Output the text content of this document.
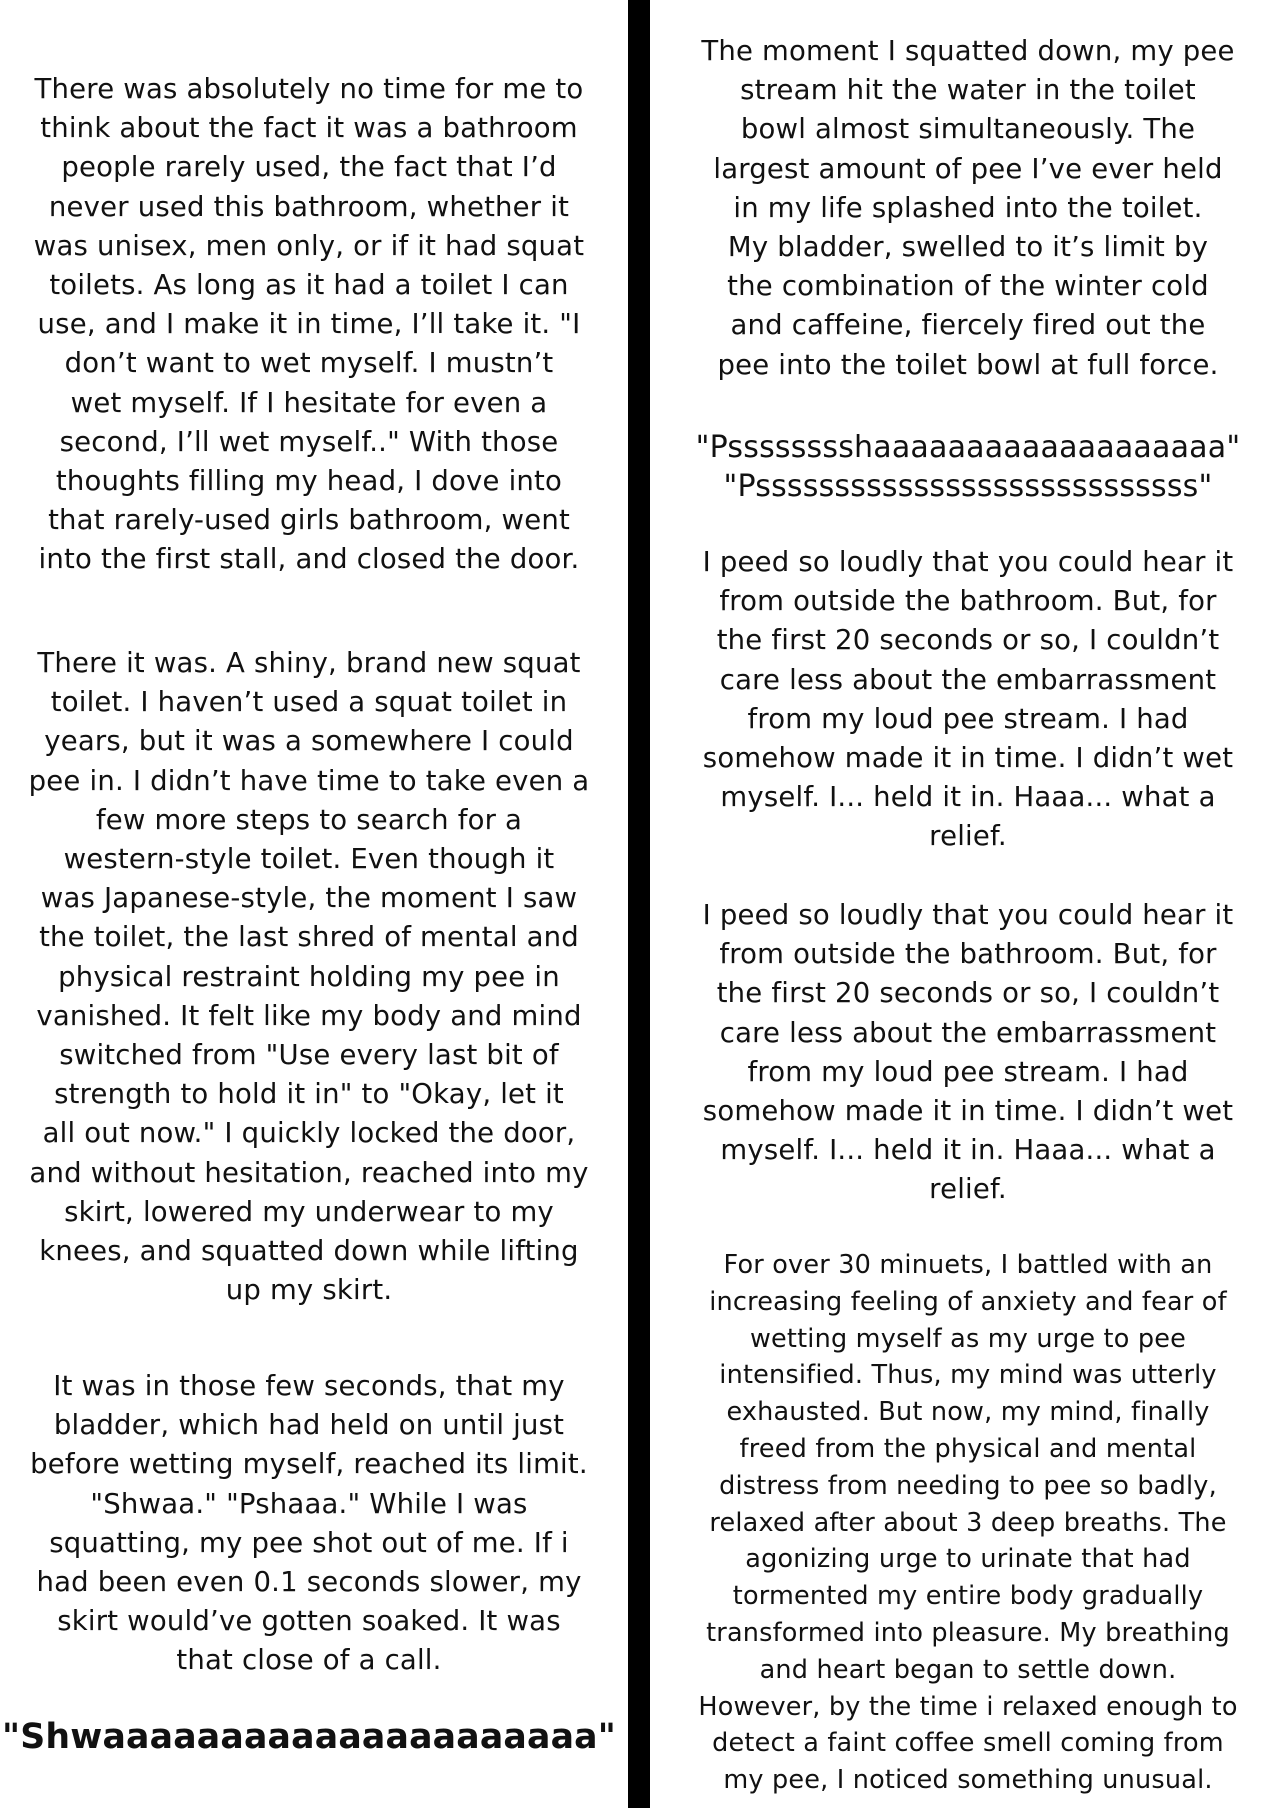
There was absolutely no time for me to
think about the fact it was a bathroom
people rarely used, the fact that I’d
never used this bathroom, whether it
was unisex, men only, or if it had squat
toilets. As long as it had a toilet I can
use, and I make it in time, I’ll take it. "I
don’t want to wet myself. I mustn’t
wet myself. If I hesitate for even a
second, I’ll wet myself.." With those
thoughts filling my head, I dove into
that rarely-used girls bathroom, went
into the first stall, and closed the door.

There it was. A shiny, brand new squat
toilet. I haven’t used a squat toilet in
years, but it was a somewhere I could
pee in. I didn’t have time to take even a
few more steps to search for a
western-style toilet. Even though it
was Japanese-style, the moment I saw
the toilet, the last shred of mental and
physical restraint holding my pee in
vanished. It felt like my body and mind
switched from "Use every last bit of
strength to hold it in" to "Okay, let it
all out now." I quickly locked the door,
and without hesitation, reached into my
skirt, lowered my underwear to my
knees, and squatted down while lifting
up my skirt.

It was in those few seconds, that my
bladder, which had held on until just
before wetting myself, reached its limit.
"Shwaa." "Pshaaa." While I was
squatting, my pee shot out of me. If i
had been even 0.1 seconds slower, my
skirt would’ve gotten soaked. It was
that close of a call.

"Shwaaaaaaaaaaaaaaaaaaaaa"

The moment I squatted down, my pee
stream hit the water in the toilet
bowl almost simultaneously. The
largest amount of pee I’ve ever held
in my life splashed into the toilet.
My bladder, swelled to it’s limit by
the combination of the winter cold
and caffeine, fiercely fired out the
pee into the toilet bowl at full force.

"Psssssssshaaaaaaaaaaaaaaaaaaa"
"Pssssssssssssssssssssssssssss"

I peed so loudly that you could hear it
from outside the bathroom. But, for
the first 20 seconds or so, I couldn’t
care less about the embarrassment
from my loud pee stream. I had
somehow made it in time. I didn’t wet
myself. I... held it in. Haaa... what a
relief.

I peed so loudly that you could hear it
from outside the bathroom. But, for
the first 20 seconds or so, I couldn’t
care less about the embarrassment
from my loud pee stream. I had
somehow made it in time. I didn’t wet
myself. I... held it in. Haaa... what a
relief.

For over 30 minuets, I battled with an
increasing feeling of anxiety and fear of
wetting myself as my urge to pee
intensified. Thus, my mind was utterly
exhausted. But now, my mind, finally
freed from the physical and mental
distress from needing to pee so badly,
relaxed after about 3 deep breaths. The
agonizing urge to urinate that had
tormented my entire body gradually
transformed into pleasure. My breathing
and heart began to settle down.
However, by the time i relaxed enough to
detect a faint coffee smell coming from
my pee, I noticed something unusual.
